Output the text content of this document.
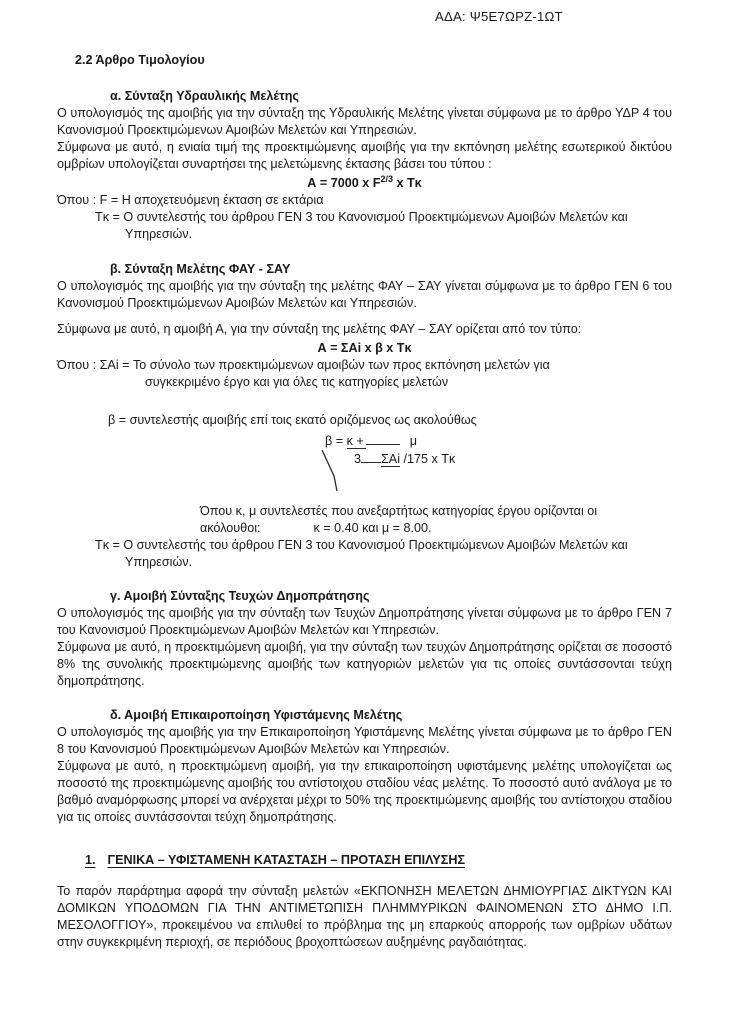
ΑΔΑ: Ψ5Ε7ΩΡΖ-1ΩΤ

2.2 Άρθρο Τιμολογίου

α. Σύνταξη Υδραυλικής Μελέτης

Ο υπολογισμός της αμοιβής για την σύνταξη της Υδραυλικής Μελέτης γίνεται σύμφωνα με το άρθρο ΥΔΡ 4 του Κανονισμού Προεκτιμώμενων Αμοιβών Μελετών και Υπηρεσιών.

Σύμφωνα με αυτό, η ενιαία τιμή της προεκτιμώμενης αμοιβής για την εκπόνηση μελέτης εσωτερικού δικτύου ομβρίων υπολογίζεται συναρτήσει της μελετώμενης έκτασης βάσει του τύπου :

Α = 7000 x $F^{2/3}$ x Τκ

Όπου : F = Η αποχετευόμενη έκταση σε εκτάρια

Τκ = Ο συντελεστής του άρθρου ΓΕΝ 3 του Κανονισμού Προεκτιμώμενων Αμοιβών Μελετών και

Υπηρεσιών.

β. Σύνταξη Μελέτης ΦΑΥ - ΣΑΥ

Ο υπολογισμός της αμοιβής για την σύνταξη της μελέτης ΦΑΥ – ΣΑΥ γίνεται σύμφωνα με το άρθρο ΓΕΝ 6 του Κανονισμού Προεκτιμώμενων Αμοιβών Μελετών και Υπηρεσιών.

Σύμφωνα με αυτό, η αμοιβή Α, για την σύνταξη της μελέτης ΦΑΥ – ΣΑΥ ορίζεται από τον τύπο:

Α = ΣΑi x β x Τκ

Όπου : ΣΑi = Το σύνολο των προεκτιμώμενων αμοιβών των προς εκπόνηση μελετών για

συγκεκριμένο έργο και για όλες τις κατηγορίες μελετών

β = συντελεστής αμοιβής επί τοις εκατό οριζόμενος ως ακολούθως

β = κ +	μ
3 ΣΑi /175 x Τκ

Όπου κ, μ συντελεστές που ανεξαρτήτως κατηγορίας έργου ορίζονται οι

ακόλουθοι:	κ = 0.40 και μ = 8.00.

Τκ = Ο συντελεστής του άρθρου ΓΕΝ 3 του Κανονισμού Προεκτιμώμενων Αμοιβών Μελετών και

Υπηρεσιών.

γ. Αμοιβή Σύνταξης Τευχών Δημοπράτησης

Ο υπολογισμός της αμοιβής για την σύνταξη των Τευχών Δημοπράτησης γίνεται σύμφωνα με το άρθρο ΓΕΝ 7 του Κανονισμού Προεκτιμώμενων Αμοιβών Μελετών και Υπηρεσιών.

Σύμφωνα με αυτό, η προεκτιμώμενη αμοιβή, για την σύνταξη των τευχών Δημοπράτησης ορίζεται σε ποσοστό 8% της συνολικής προεκτιμώμενης αμοιβής των κατηγοριών μελετών για τις οποίες συντάσσονται τεύχη δημοπράτησης.

δ. Αμοιβή Επικαιροποίηση Υφιστάμενης Μελέτης

Ο υπολογισμός της αμοιβής για την Επικαιροποίηση Υφιστάμενης Μελέτης γίνεται σύμφωνα με το άρθρο ΓΕΝ 8 του Κανονισμού Προεκτιμώμενων Αμοιβών Μελετών και Υπηρεσιών.

Σύμφωνα με αυτό, η προεκτιμώμενη αμοιβή, για την επικαιροποίηση υφιστάμενης μελέτης υπολογίζεται ως ποσοστό της προεκτιμώμενης αμοιβής του αντίστοιχου σταδίου νέας μελέτης. Το ποσοστό αυτό ανάλογα με το βαθμό αναμόρφωσης μπορεί να ανέρχεται μέχρι το 50% της προεκτιμώμενης αμοιβής του αντίστοιχου σταδίου για τις οποίες συντάσσονται τεύχη δημοπράτησης.

1. ΓΕΝΙΚΑ – ΥΦΙΣΤΑΜΕΝΗ ΚΑΤΑΣΤΑΣΗ – ΠΡΟΤΑΣΗ ΕΠΙΛΥΣΗΣ

Το παρόν παράρτημα αφορά την σύνταξη μελετών «ΕΚΠΟΝΗΣΗ ΜΕΛΕΤΩΝ ΔΗΜΙΟΥΡΓΙΑΣ ΔΙΚΤΥΩΝ ΚΑΙ ΔΟΜΙΚΩΝ ΥΠΟΔΟΜΩΝ ΓΙΑ ΤΗΝ ΑΝΤΙΜΕΤΩΠΙΣΗ ΠΛΗΜΜΥΡΙΚΩΝ ΦΑΙΝΟΜΕΝΩΝ ΣΤΟ ΔΗΜΟ Ι.Π. ΜΕΣΟΛΟΓΓΙΟΥ», προκειμένου να επιλυθεί το πρόβλημα της μη επαρκούς απορροής των ομβρίων υδάτων στην συγκεκριμένη περιοχή, σε περιόδους βροχοπτώσεων αυξημένης ραγδαιότητας.
